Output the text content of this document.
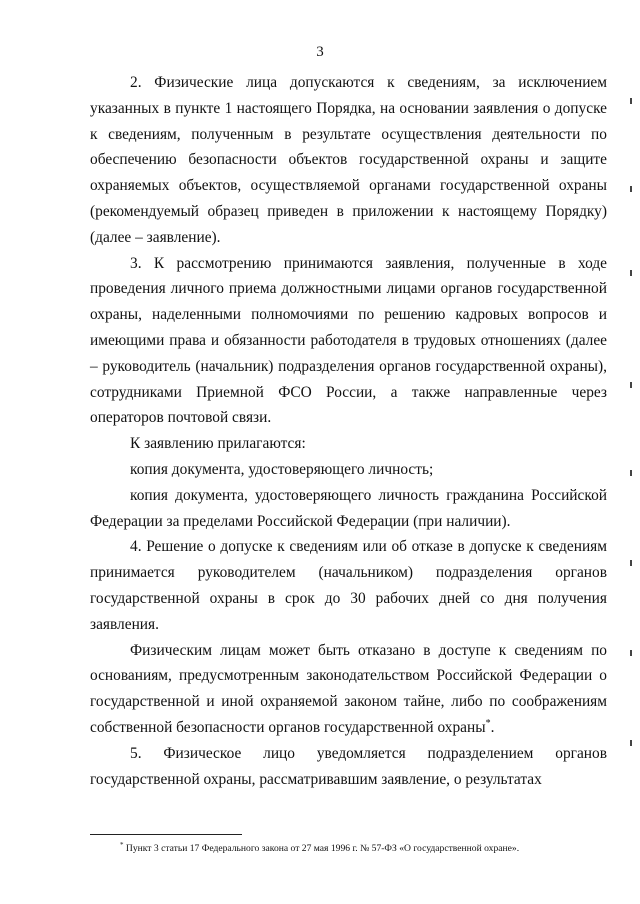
3

2. Физические лица допускаются к сведениям, за исключением указанных в пункте 1 настоящего Порядка, на основании заявления о допуске к сведениям, полученным в результате осуществления деятельности по обеспечению безопасности объектов государственной охраны и защите охраняемых объектов, осуществляемой органами государственной охраны (рекомендуемый образец приведен в приложении к настоящему Порядку) (далее – заявление).

3. К рассмотрению принимаются заявления, полученные в ходе проведения личного приема должностными лицами органов государственной охраны, наделенными полномочиями по решению кадровых вопросов и имеющими права и обязанности работодателя в трудовых отношениях (далее – руководитель (начальник) подразделения органов государственной охраны), сотрудниками Приемной ФСО России, а также направленные через операторов почтовой связи.

К заявлению прилагаются:

копия документа, удостоверяющего личность;

копия документа, удостоверяющего личность гражданина Российской Федерации за пределами Российской Федерации (при наличии).

4. Решение о допуске к сведениям или об отказе в допуске к сведениям принимается руководителем (начальником) подразделения органов государственной охраны в срок до 30 рабочих дней со дня получения заявления.

Физическим лицам может быть отказано в доступе к сведениям по основаниям, предусмотренным законодательством Российской Федерации о государственной и иной охраняемой законом тайне, либо по соображениям собственной безопасности органов государственной охраны*.

5. Физическое лицо уведомляется подразделением органов государственной охраны, рассматривавшим заявление, о результатах

* Пункт 3 статьи 17 Федерального закона от 27 мая 1996 г. № 57-ФЗ «О государственной охране».
